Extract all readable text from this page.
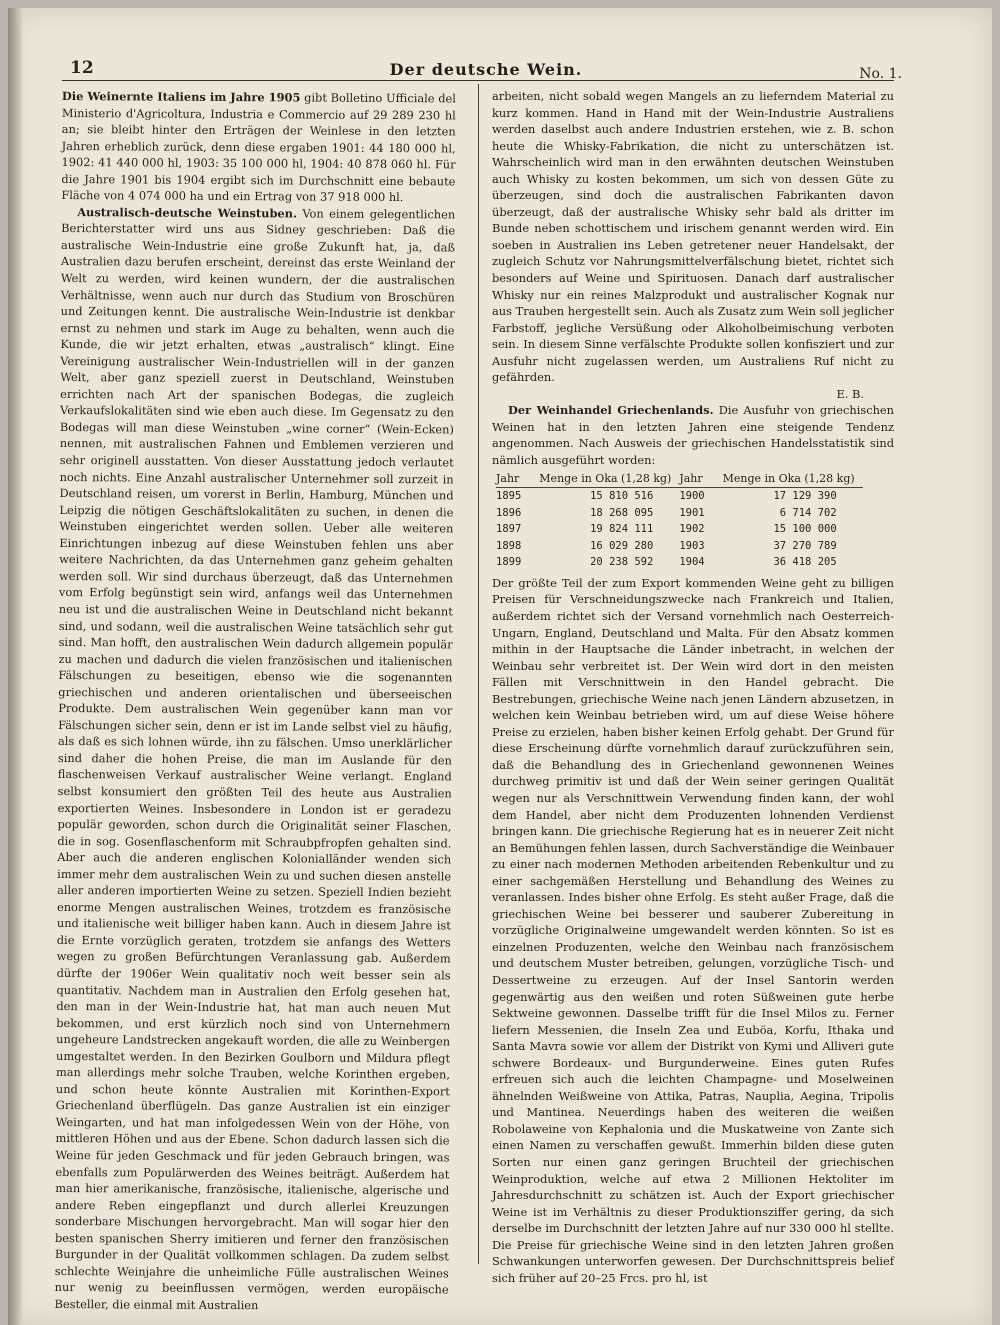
12	Der deutsche Wein.	No. 1.

Die Weinernte Italiens im Jahre 1905 gibt Bolletino Ufficiale del Ministerio d'Agricoltura, Industria e Commercio auf 29 289 230 hl an; sie bleibt hinter den Erträgen der Weinlese in den letzten Jahren erheblich zurück, denn diese ergaben 1901: 44 180 000 hl, 1902: 41 440 000 hl, 1903: 35 100 000 hl, 1904: 40 878 060 hl. Für die Jahre 1901 bis 1904 ergibt sich im Durchschnitt eine bebaute Fläche von 4 074 000 ha und ein Ertrag von 37 918 000 hl.

Australisch-deutsche Weinstuben. Von einem gelegentlichen Berichterstatter wird uns aus Sidney geschrieben: Daß die australische Wein-Industrie eine große Zukunft hat, ja, daß Australien dazu berufen erscheint, dereinst das erste Weinland der Welt zu werden, wird keinen wundern, der die australischen Verhältnisse, wenn auch nur durch das Studium von Broschüren und Zeitungen kennt. Die australische Wein-Industrie ist denkbar ernst zu nehmen und stark im Auge zu behalten, wenn auch die Kunde, die wir jetzt erhalten, etwas „australisch“ klingt. Eine Vereinigung australischer Wein-Industriellen will in der ganzen Welt, aber ganz speziell zuerst in Deutschland, Weinstuben errichten nach Art der spanischen Bodegas, die zugleich Verkaufslokalitäten sind wie eben auch diese. Im Gegensatz zu den Bodegas will man diese Weinstuben „wine corner“ (Wein-Ecken) nennen, mit australischen Fahnen und Emblemen verzieren und sehr originell ausstatten. Von dieser Ausstattung jedoch verlautet noch nichts. Eine Anzahl australischer Unternehmer soll zurzeit in Deutschland reisen, um vorerst in Berlin, Hamburg, München und Leipzig die nötigen Geschäftslokalitäten zu suchen, in denen die Weinstuben eingerichtet werden sollen. Ueber alle weiteren Einrichtungen inbezug auf diese Weinstuben fehlen uns aber weitere Nachrichten, da das Unternehmen ganz geheim gehalten werden soll. Wir sind durchaus überzeugt, daß das Unternehmen vom Erfolg begünstigt sein wird, anfangs weil das Unternehmen neu ist und die australischen Weine in Deutschland nicht bekannt sind, und sodann, weil die australischen Weine tatsächlich sehr gut sind. Man hofft, den australischen Wein dadurch allgemein populär zu machen und dadurch die vielen französischen und italienischen Fälschungen zu beseitigen, ebenso wie die sogenannten griechischen und anderen orientalischen und überseeischen Produkte. Dem australischen Wein gegenüber kann man vor Fälschungen sicher sein, denn er ist im Lande selbst viel zu häufig, als daß es sich lohnen würde, ihn zu fälschen. Umso unerklärlicher sind daher die hohen Preise, die man im Auslande für den flaschenweisen Verkauf australischer Weine verlangt. England selbst konsumiert den größten Teil des heute aus Australien exportierten Weines. Insbesondere in London ist er geradezu populär geworden, schon durch die Originalität seiner Flaschen, die in sog. Gosenflaschenform mit Schraubpfropfen gehalten sind. Aber auch die anderen englischen Kolonialländer wenden sich immer mehr dem australischen Wein zu und suchen diesen anstelle aller anderen importierten Weine zu setzen. Speziell Indien bezieht enorme Mengen australischen Weines, trotzdem es französische und italienische weit billiger haben kann. Auch in diesem Jahre ist die Ernte vorzüglich geraten, trotzdem sie anfangs des Wetters wegen zu großen Befürchtungen Veranlassung gab. Außerdem dürfte der 1906er Wein qualitativ noch weit besser sein als quantitativ. Nachdem man in Australien den Erfolg gesehen hat, den man in der Wein-Industrie hat, hat man auch neuen Mut bekommen, und erst kürzlich noch sind von Unternehmern ungeheure Landstrecken angekauft worden, die alle zu Weinbergen umgestaltet werden. In den Bezirken Goulborn und Mildura pflegt man allerdings mehr solche Trauben, welche Korinthen ergeben, und schon heute könnte Australien mit Korinthen-Export Griechenland überflügeln. Das ganze Australien ist ein einziger Weingarten, und hat man infolgedessen Wein von der Höhe, von mittleren Höhen und aus der Ebene. Schon dadurch lassen sich die Weine für jeden Geschmack und für jeden Gebrauch bringen, was ebenfalls zum Populärwerden des Weines beiträgt. Außerdem hat man hier amerikanische, französische, italienische, algerische und andere Reben eingepflanzt und durch allerlei Kreuzungen sonderbare Mischungen hervorgebracht. Man will sogar hier den besten spanischen Sherry imitieren und ferner den französischen Burgunder in der Qualität vollkommen schlagen. Da zudem selbst schlechte Weinjahre die unheimliche Fülle australischen Weines nur wenig zu beeinflussen vermögen, werden europäische Besteller, die einmal mit Australien

arbeiten, nicht sobald wegen Mangels an zu lieferndem Material zu kurz kommen. Hand in Hand mit der Wein-Industrie Australiens werden daselbst auch andere Industrien erstehen, wie z. B. schon heute die Whisky-Fabrikation, die nicht zu unterschätzen ist. Wahrscheinlich wird man in den erwähnten deutschen Weinstuben auch Whisky zu kosten bekommen, um sich von dessen Güte zu überzeugen, sind doch die australischen Fabrikanten davon überzeugt, daß der australische Whisky sehr bald als dritter im Bunde neben schottischem und irischem genannt werden wird. Ein soeben in Australien ins Leben getretener neuer Handelsakt, der zugleich Schutz vor Nahrungsmittelverfälschung bietet, richtet sich besonders auf Weine und Spirituosen. Danach darf australischer Whisky nur ein reines Malzprodukt und australischer Kognak nur aus Trauben hergestellt sein. Auch als Zusatz zum Wein soll jeglicher Farbstoff, jegliche Versüßung oder Alkoholbeimischung verboten sein. In diesem Sinne verfälschte Produkte sollen konfisziert und zur Ausfuhr nicht zugelassen werden, um Australiens Ruf nicht zu gefährden.

E. B.

Der Weinhandel Griechenlands. Die Ausfuhr von griechischen Weinen hat in den letzten Jahren eine steigende Tendenz angenommen. Nach Ausweis der griechischen Handelsstatistik sind nämlich ausgeführt worden:

Jahr	Menge in Oka (1,28 kg)	Jahr	Menge in Oka (1,28 kg)
1895	15 810 516	1900	17 129 390
1896	18 268 095	1901	6 714 702
1897	19 824 111	1902	15 100 000
1898	16 029 280	1903	37 270 789
1899	20 238 592	1904	36 418 205

Der größte Teil der zum Export kommenden Weine geht zu billigen Preisen für Verschneidungszwecke nach Frankreich und Italien, außerdem richtet sich der Versand vornehmlich nach Oesterreich-Ungarn, England, Deutschland und Malta. Für den Absatz kommen mithin in der Hauptsache die Länder inbetracht, in welchen der Weinbau sehr verbreitet ist. Der Wein wird dort in den meisten Fällen mit Verschnittwein in den Handel gebracht. Die Bestrebungen, griechische Weine nach jenen Ländern abzusetzen, in welchen kein Weinbau betrieben wird, um auf diese Weise höhere Preise zu erzielen, haben bisher keinen Erfolg gehabt. Der Grund für diese Erscheinung dürfte vornehmlich darauf zurückzuführen sein, daß die Behandlung des in Griechenland gewonnenen Weines durchweg primitiv ist und daß der Wein seiner geringen Qualität wegen nur als Verschnittwein Verwendung finden kann, der wohl dem Handel, aber nicht dem Produzenten lohnenden Verdienst bringen kann. Die griechische Regierung hat es in neuerer Zeit nicht an Bemühungen fehlen lassen, durch Sachverständige die Weinbauer zu einer nach modernen Methoden arbeitenden Rebenkultur und zu einer sachgemäßen Herstellung und Behandlung des Weines zu veranlassen. Indes bisher ohne Erfolg. Es steht außer Frage, daß die griechischen Weine bei besserer und sauberer Zubereitung in vorzügliche Originalweine umgewandelt werden könnten. So ist es einzelnen Produzenten, welche den Weinbau nach französischem und deutschem Muster betreiben, gelungen, vorzügliche Tisch- und Dessertweine zu erzeugen. Auf der Insel Santorin werden gegenwärtig aus den weißen und roten Süßweinen gute herbe Sektweine gewonnen. Dasselbe trifft für die Insel Milos zu. Ferner liefern Messenien, die Inseln Zea und Euböa, Korfu, Ithaka und Santa Mavra sowie vor allem der Distrikt von Kymi und Alliveri gute schwere Bordeaux- und Burgunderweine. Eines guten Rufes erfreuen sich auch die leichten Champagne- und Moselweinen ähnelnden Weißweine von Attika, Patras, Nauplia, Aegina, Tripolis und Mantinea. Neuerdings haben des weiteren die weißen Robolaweine von Kephalonia und die Muskatweine von Zante sich einen Namen zu verschaffen gewußt. Immerhin bilden diese guten Sorten nur einen ganz geringen Bruchteil der griechischen Weinproduktion, welche auf etwa 2 Millionen Hektoliter im Jahresdurchschnitt zu schätzen ist. Auch der Export griechischer Weine ist im Verhältnis zu dieser Produktionsziffer gering, da sich derselbe im Durchschnitt der letzten Jahre auf nur 330 000 hl stellte. Die Preise für griechische Weine sind in den letzten Jahren großen Schwankungen unterworfen gewesen. Der Durchschnittspreis belief sich früher auf 20–25 Frcs. pro hl, ist
